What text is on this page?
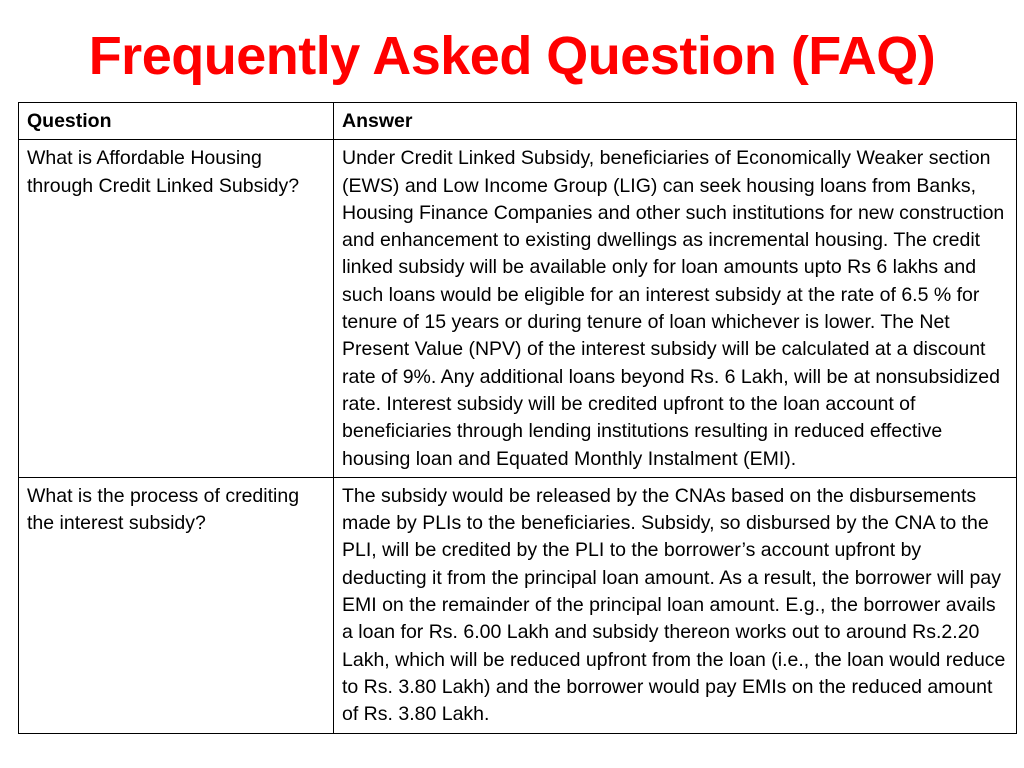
Frequently Asked Question (FAQ)
Question	Answer
What is Affordable Housing through Credit Linked Subsidy?	Under Credit Linked Subsidy, beneficiaries of Economically Weaker section (EWS) and Low Income Group (LIG) can seek housing loans from Banks, Housing Finance Companies and other such institutions for new construction and enhancement to existing dwellings as incremental housing. The credit linked subsidy will be available only for loan amounts upto Rs 6 lakhs and such loans would be eligible for an interest subsidy at the rate of 6.5 % for tenure of 15 years or during tenure of loan whichever is lower. The Net Present Value (NPV) of the interest subsidy will be calculated at a discount rate of 9%. Any additional loans beyond Rs. 6 Lakh, will be at nonsubsidized rate. Interest subsidy will be credited upfront to the loan account of beneficiaries through lending institutions resulting in reduced effective housing loan and Equated Monthly Instalment (EMI).
What is the process of crediting the interest subsidy?	The subsidy would be released by the CNAs based on the disbursements made by PLIs to the beneficiaries. Subsidy, so disbursed by the CNA to the PLI, will be credited by the PLI to the borrower’s account upfront by deducting it from the principal loan amount. As a result, the borrower will pay EMI on the remainder of the principal loan amount. E.g., the borrower avails a loan for Rs. 6.00 Lakh and subsidy thereon works out to around Rs.2.20 Lakh, which will be reduced upfront from the loan (i.e., the loan would reduce to Rs. 3.80 Lakh) and the borrower would pay EMIs on the reduced amount of Rs. 3.80 Lakh.
